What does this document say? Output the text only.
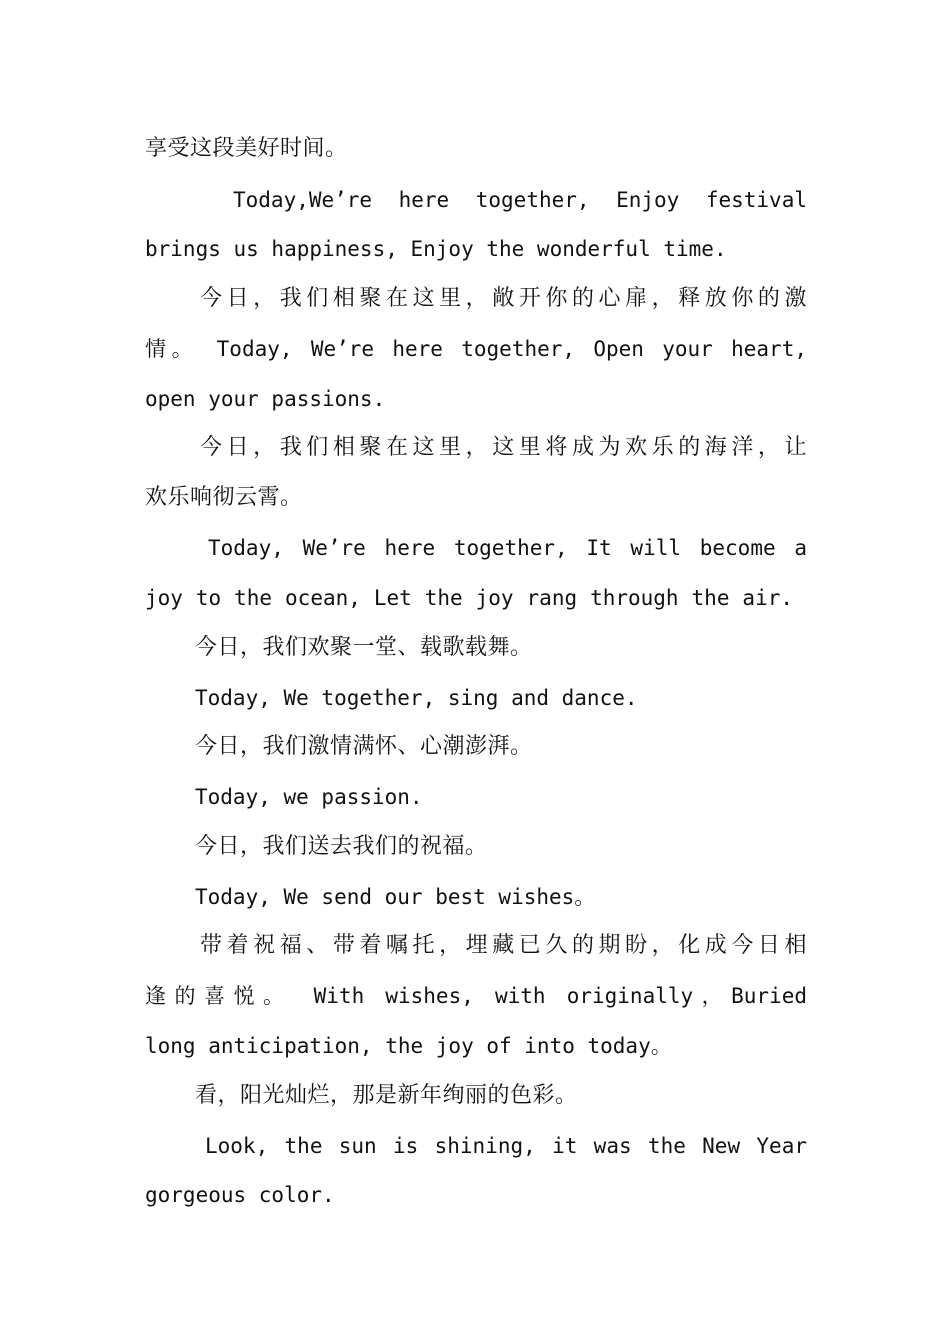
享受这段美好时间。
Today,We’re here together, Enjoy festival
brings us happiness, Enjoy the wonderful time.
今日，我们相聚在这里，敞开你的心扉，释放你的激
情。 Today, We’re here together, Open your heart,
open your passions.
今日，我们相聚在这里，这里将成为欢乐的海洋，让
欢乐响彻云霄。
Today, We’re here together, It will become a
joy to the ocean, Let the joy rang through the air.
今日，我们欢聚一堂、载歌载舞。
Today, We together, sing and dance.
今日，我们激情满怀、心潮澎湃。
Today, we passion.
今日，我们送去我们的祝福。
Today, We send our best wishes。
带着祝福、带着嘱托，埋藏已久的期盼，化成今日相
逢的喜悦。 With wishes, with originally，Buried
long anticipation, the joy of into today。
看，阳光灿烂，那是新年绚丽的色彩。
Look, the sun is shining, it was the New Year
gorgeous color.
